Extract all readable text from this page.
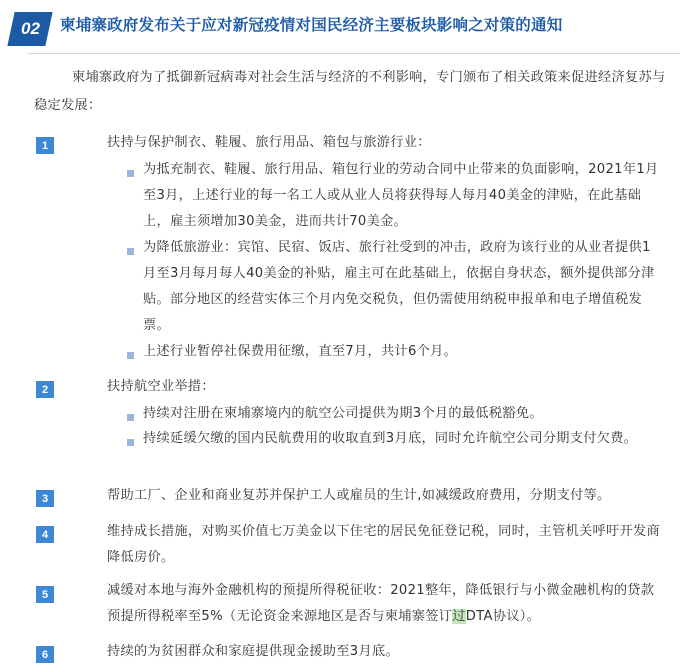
02 柬埔寨政府发布关于应对新冠疫情对国民经济主要板块影响之对策的通知
柬埔寨政府为了抵御新冠病毒对社会生活与经济的不利影响，专门颁布了相关政策来促进经济复苏与稳定发展：
1	扶持与保护制衣、鞋履、旅行用品、箱包与旅游行业：
为抵充制衣、鞋履、旅行用品、箱包行业的劳动合同中止带来的负面影响，2021年1月至3月，上述行业的每一名工人或从业人员将获得每人每月40美金的津贴，在此基础上，雇主须增加30美金，进而共计70美金。
为降低旅游业：宾馆、民宿、饭店、旅行社受到的冲击，政府为该行业的从业者提供1月至3月每月每人40美金的补贴，雇主可在此基础上，依据自身状态，额外提供部分津贴。部分地区的经营实体三个月内免交税负，但仍需使用纳税申报单和电子增值税发票。
上述行业暂停社保费用征缴，直至7月，共计6个月。
2	扶持航空业举措：
持续对注册在柬埔寨境内的航空公司提供为期3个月的最低税豁免。
持续延缓欠缴的国内民航费用的收取直到3月底，同时允许航空公司分期支付欠费。
3	帮助工厂、企业和商业复苏并保护工人或雇员的生计,如减缓政府费用，分期支付等。
4	维持成长措施，对购买价值七万美金以下住宅的居民免征登记税，同时，主管机关呼吁开发商降低房价。
5	减缓对本地与海外金融机构的预提所得税征收：2021整年，降低银行与小微金融机构的贷款预提所得税率至5%（无论资金来源地区是否与柬埔寨签订过DTA协议）。
6	持续的为贫困群众和家庭提供现金援助至3月底。
